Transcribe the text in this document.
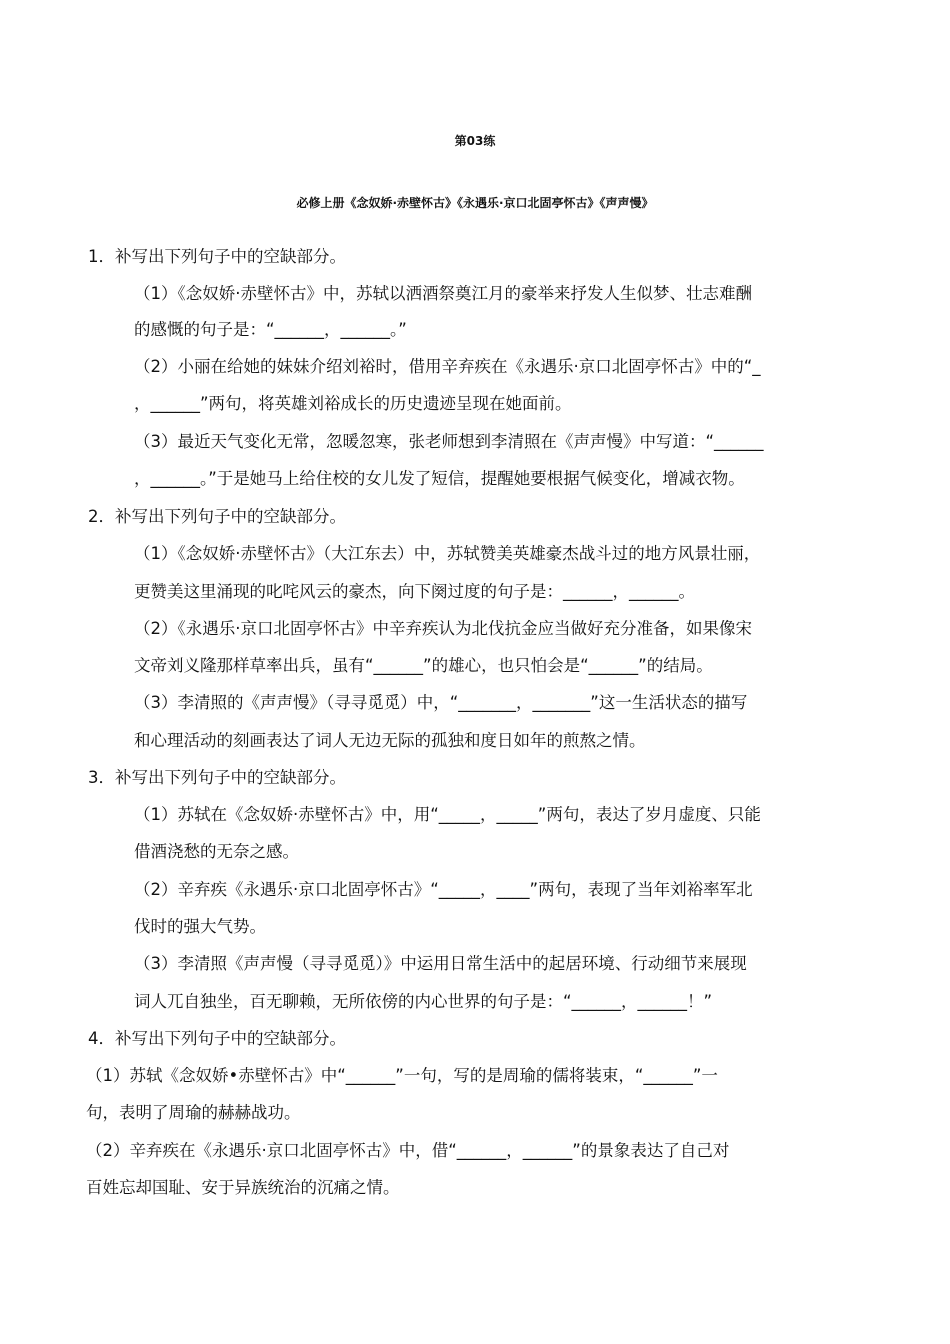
第03练
必修上册《念奴娇·赤壁怀古》《永遇乐·京口北固亭怀古》《声声慢》
1．补写出下列句子中的空缺部分。
（1）《念奴娇·赤壁怀古》中，苏轼以洒酒祭奠江月的豪举来抒发人生似梦、壮志难酬
的感慨的句子是：“______，______。”
（2）小丽在给她的妹妹介绍刘裕时，借用辛弃疾在《永遇乐·京口北固亭怀古》中的“_
，______”两句，将英雄刘裕成长的历史遗迹呈现在她面前。
（3）最近天气变化无常，忽暖忽寒，张老师想到李清照在《声声慢》中写道：“______
，______。”于是她马上给住校的女儿发了短信，提醒她要根据气候变化，增减衣物。
2．补写出下列句子中的空缺部分。
（1）《念奴娇·赤壁怀古》（大江东去）中，苏轼赞美英雄豪杰战斗过的地方风景壮丽，
更赞美这里涌现的叱咤风云的豪杰，向下阕过度的句子是：______，______。
（2）《永遇乐·京口北固亭怀古》中辛弃疾认为北伐抗金应当做好充分准备，如果像宋
文帝刘义隆那样草率出兵，虽有“______”的雄心，也只怕会是“______”的结局。
（3）李清照的《声声慢》（寻寻觅觅）中，“_______，_______”这一生活状态的描写
和心理活动的刻画表达了词人无边无际的孤独和度日如年的煎熬之情。
3．补写出下列句子中的空缺部分。
（1）苏轼在《念奴娇·赤壁怀古》中，用“_____，_____”两句，表达了岁月虚度、只能
借酒浇愁的无奈之感。
（2）辛弃疾《永遇乐·京口北固亭怀古》“_____，____”两句，表现了当年刘裕率军北
伐时的强大气势。
（3）李清照《声声慢（寻寻觅觅）》中运用日常生活中的起居环境、行动细节来展现
词人兀自独坐，百无聊赖，无所依傍的内心世界的句子是：“______，______！”
4．补写出下列句子中的空缺部分。
（1）苏轼《念奴娇•赤壁怀古》中“______”一句，写的是周瑜的儒将装束，“______”一
句，表明了周瑜的赫赫战功。
（2）辛弃疾在《永遇乐·京口北固亭怀古》中，借“______，______”的景象表达了自己对
百姓忘却国耻、安于异族统治的沉痛之情。
